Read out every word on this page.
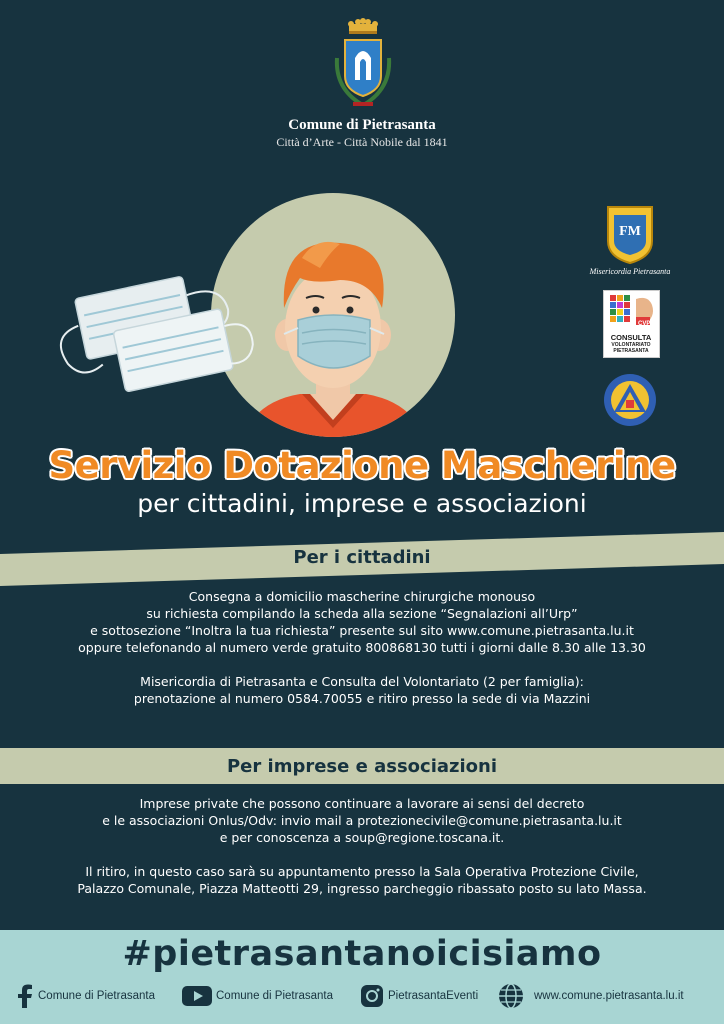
Comune di Pietrasanta
Città d’Arte - Città Nobile dal 1841
FM
Misericordia Pietrasanta
CVP
CONSULTA
VOLONTARIATO
PIETRASANTA
Servizio Dotazione Mascherine
per cittadini, imprese e associazioni
Per i cittadini
Consegna a domicilio mascherine chirurgiche monouso
su richiesta compilando la scheda alla sezione “Segnalazioni all’Urp”
e sottosezione “Inoltra la tua richiesta” presente sul sito www.comune.pietrasanta.lu.it
oppure telefonando al numero verde gratuito 800868130 tutti i giorni dalle 8.30 alle 13.30
Misericordia di Pietrasanta e Consulta del Volontariato (2 per famiglia):
prenotazione al numero 0584.70055 e ritiro presso la sede di via Mazzini
Per imprese e associazioni
Imprese private che possono continuare a lavorare ai sensi del decreto
e le associazioni Onlus/Odv: invio mail a protezionecivile@comune.pietrasanta.lu.it
e per conoscenza a soup@regione.toscana.it.
Il ritiro, in questo caso sarà su appuntamento presso la Sala Operativa Protezione Civile,
Palazzo Comunale, Piazza Matteotti 29, ingresso parcheggio ribassato posto su lato Massa.
#pietrasantanoicisiamo
Comune di Pietrasanta	Comune di Pietrasanta	PietrasantaEventi	www.comune.pietrasanta.lu.it
